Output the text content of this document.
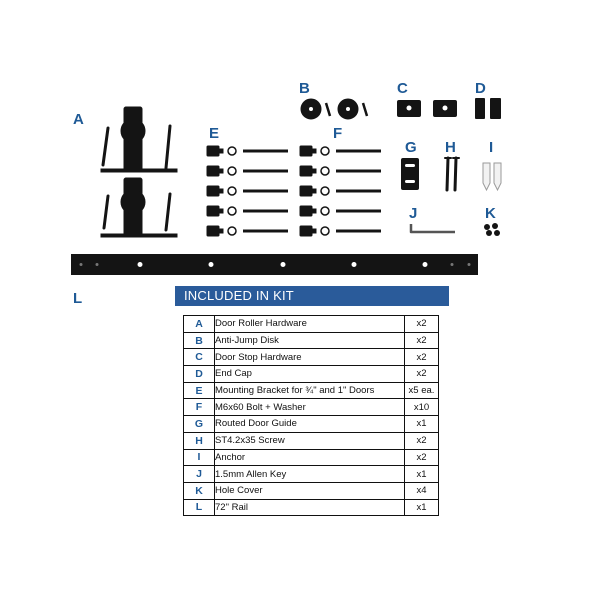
A
B	C	D
E	F
G H I
J	K
L	INCLUDED IN KIT
A	Door Roller Hardware	x2
B	Anti-Jump Disk	x2
C	Door Stop Hardware	x2
D	End Cap	x2
E	Mounting Bracket for ¾" and 1" Doors	x5 ea.
F	M6x60 Bolt + Washer	x10
G	Routed Door Guide	x1
H	ST4.2x35 Screw	x2
I	Anchor	x2
J	1.5mm Allen Key	x1
K	Hole Cover	x4
L	72" Rail	x1
